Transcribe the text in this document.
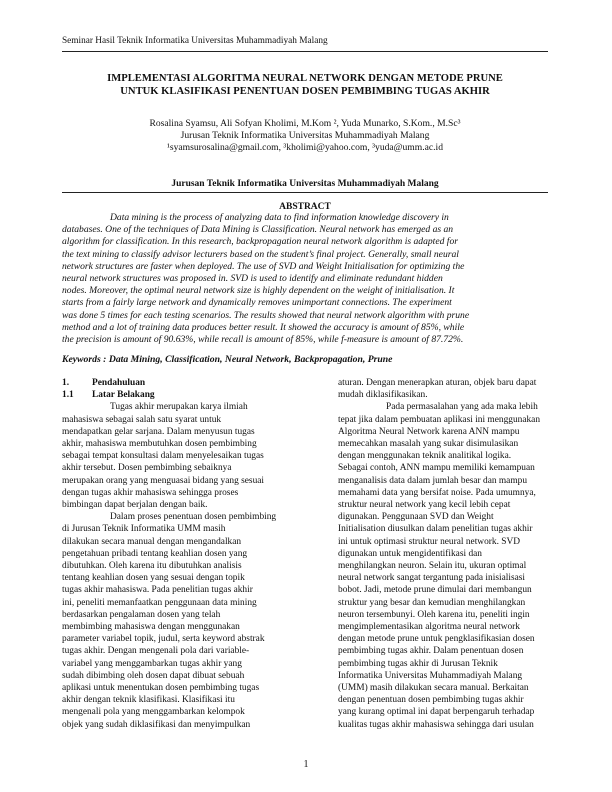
Seminar Hasil Teknik Informatika Universitas Muhammadiyah Malang
IMPLEMENTASI ALGORITMA NEURAL NETWORK DENGAN METODE PRUNE
UNTUK KLASIFIKASI PENENTUAN DOSEN PEMBIMBING TUGAS AKHIR
Rosalina Syamsu, Ali Sofyan Kholimi, M.Kom ², Yuda Munarko, S.Kom., M.Sc³
Jurusan Teknik Informatika Universitas Muhammadiyah Malang
¹syamsurosalina@gmail.com, ³kholimi@yahoo.com, ³yuda@umm.ac.id
Jurusan Teknik Informatika Universitas Muhammadiyah Malang
ABSTRACT
Data mining is the process of analyzing data to find information knowledge discovery in
databases. One of the techniques of Data Mining is Classification. Neural network has emerged as an
algorithm for classification. In this research, backpropagation neural network algorithm is adapted for
the text mining to classify advisor lecturers based on the student’s final project. Generally, small neural
network structures are faster when deployed. The use of SVD and Weight Initialisation for optimizing the
neural network structures was proposed in. SVD is used to identify and eliminate redundant hidden
nodes. Moreover, the optimal neural network size is highly dependent on the weight of initialisation. It
starts from a fairly large network and dynamically removes unimportant connections. The experiment
was done 5 times for each testing scenarios. The results showed that neural network algorithm with prune
method and a lot of training data produces better result. It showed the accuracy is amount of 85%, while
the precision is amount of 90.63%, while recall is amount of 85%, while f-measure is amount of 87.72%.
Keywords : Data Mining, Classification, Neural Network, Backpropagation, Prune
1. Pendahuluan
1.1 Latar Belakang
Tugas akhir merupakan karya ilmiah
mahasiswa sebagai salah satu syarat untuk
mendapatkan gelar sarjana. Dalam menyusun tugas
akhir, mahasiswa membutuhkan dosen pembimbing
sebagai tempat konsultasi dalam menyelesaikan tugas
akhir tersebut. Dosen pembimbing sebaiknya
merupakan orang yang menguasai bidang yang sesuai
dengan tugas akhir mahasiswa sehingga proses
bimbingan dapat berjalan dengan baik.
Dalam proses penentuan dosen pembimbing
di Jurusan Teknik Informatika UMM masih
dilakukan secara manual dengan mengandalkan
pengetahuan pribadi tentang keahlian dosen yang
dibutuhkan. Oleh karena itu dibutuhkan analisis
tentang keahlian dosen yang sesuai dengan topik
tugas akhir mahasiswa. Pada penelitian tugas akhir
ini, peneliti memanfaatkan penggunaan data mining
berdasarkan pengalaman dosen yang telah
membimbing mahasiswa dengan menggunakan
parameter variabel topik, judul, serta keyword abstrak
tugas akhir. Dengan mengenali pola dari variable-
variabel yang menggambarkan tugas akhir yang
sudah dibimbing oleh dosen dapat dibuat sebuah
aplikasi untuk menentukan dosen pembimbing tugas
akhir dengan teknik klasifikasi. Klasifikasi itu
mengenali pola yang menggambarkan kelompok
objek yang sudah diklasifikasi dan menyimpulkan
aturan. Dengan menerapkan aturan, objek baru dapat
mudah diklasifikasikan.
Pada permasalahan yang ada maka lebih
tepat jika dalam pembuatan aplikasi ini menggunakan
Algoritma Neural Network karena ANN mampu
memecahkan masalah yang sukar disimulasikan
dengan menggunakan teknik analitikal logika.
Sebagai contoh, ANN mampu memiliki kemampuan
menganalisis data dalam jumlah besar dan mampu
memahami data yang bersifat noise. Pada umumnya,
struktur neural network yang kecil lebih cepat
digunakan. Penggunaan SVD dan Weight
Initialisation diusulkan dalam penelitian tugas akhir
ini untuk optimasi struktur neural network. SVD
digunakan untuk mengidentifikasi dan
menghilangkan neuron. Selain itu, ukuran optimal
neural network sangat tergantung pada inisialisasi
bobot. Jadi, metode prune dimulai dari membangun
struktur yang besar dan kemudian menghilangkan
neuron tersembunyi. Oleh karena itu, peneliti ingin
mengimplementasikan algoritma neural network
dengan metode prune untuk pengklasifikasian dosen
pembimbing tugas akhir. Dalam penentuan dosen
pembimbing tugas akhir di Jurusan Teknik
Informatika Universitas Muhammadiyah Malang
(UMM) masih dilakukan secara manual. Berkaitan
dengan penentuan dosen pembimbing tugas akhir
yang kurang optimal ini dapat berpengaruh terhadap
kualitas tugas akhir mahasiswa sehingga dari usulan
1
